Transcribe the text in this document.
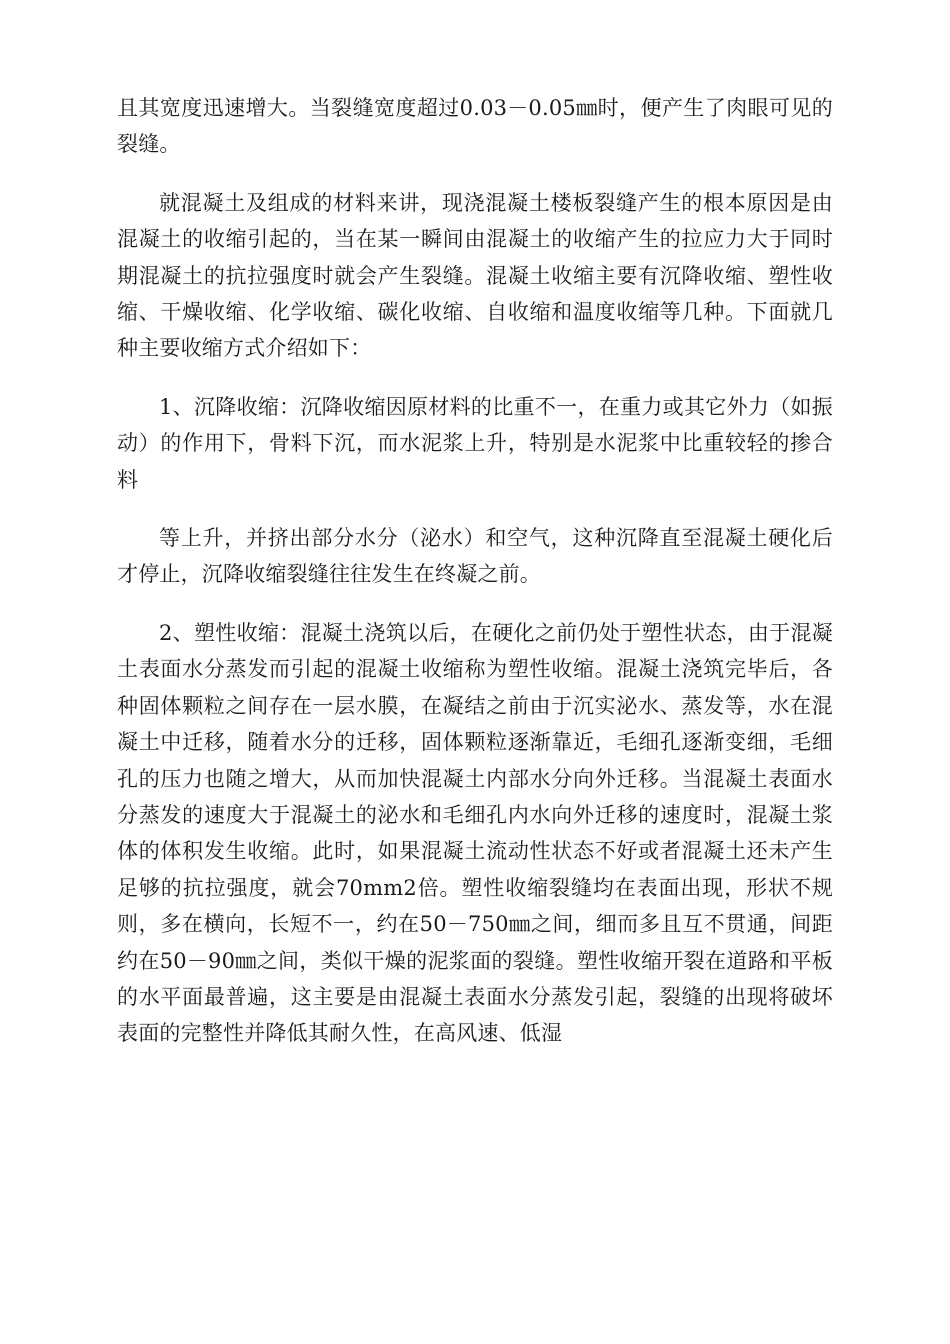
且其宽度迅速增大。当裂缝宽度超过0.03－0.05㎜时，便产生了肉眼可见的裂缝。

就混凝土及组成的材料来讲，现浇混凝土楼板裂缝产生的根本原因是由混凝土的收缩引起的，当在某一瞬间由混凝土的收缩产生的拉应力大于同时期混凝土的抗拉强度时就会产生裂缝。混凝土收缩主要有沉降收缩、塑性收缩、干燥收缩、化学收缩、碳化收缩、自收缩和温度收缩等几种。下面就几种主要收缩方式介绍如下：

1、沉降收缩：沉降收缩因原材料的比重不一，在重力或其它外力（如振动）的作用下，骨料下沉，而水泥浆上升，特别是水泥浆中比重较轻的掺合料

等上升，并挤出部分水分（泌水）和空气，这种沉降直至混凝土硬化后才停止，沉降收缩裂缝往往发生在终凝之前。

2、塑性收缩：混凝土浇筑以后，在硬化之前仍处于塑性状态，由于混凝土表面水分蒸发而引起的混凝土收缩称为塑性收缩。混凝土浇筑完毕后，各种固体颗粒之间存在一层水膜，在凝结之前由于沉实泌水、蒸发等，水在混凝土中迁移，随着水分的迁移，固体颗粒逐渐靠近，毛细孔逐渐变细，毛细孔的压力也随之增大，从而加快混凝土内部水分向外迁移。当混凝土表面水分蒸发的速度大于混凝土的泌水和毛细孔内水向外迁移的速度时，混凝土浆体的体积发生收缩。此时，如果混凝土流动性状态不好或者混凝土还未产生足够的抗拉强度，就会70mm2倍。塑性收缩裂缝均在表面出现，形状不规则，多在横向，长短不一，约在50－750㎜之间，细而多且互不贯通，间距约在50－90㎜之间，类似干燥的泥浆面的裂缝。塑性收缩开裂在道路和平板的水平面最普遍，这主要是由混凝土表面水分蒸发引起，裂缝的出现将破坏表面的完整性并降低其耐久性，在高风速、低湿
